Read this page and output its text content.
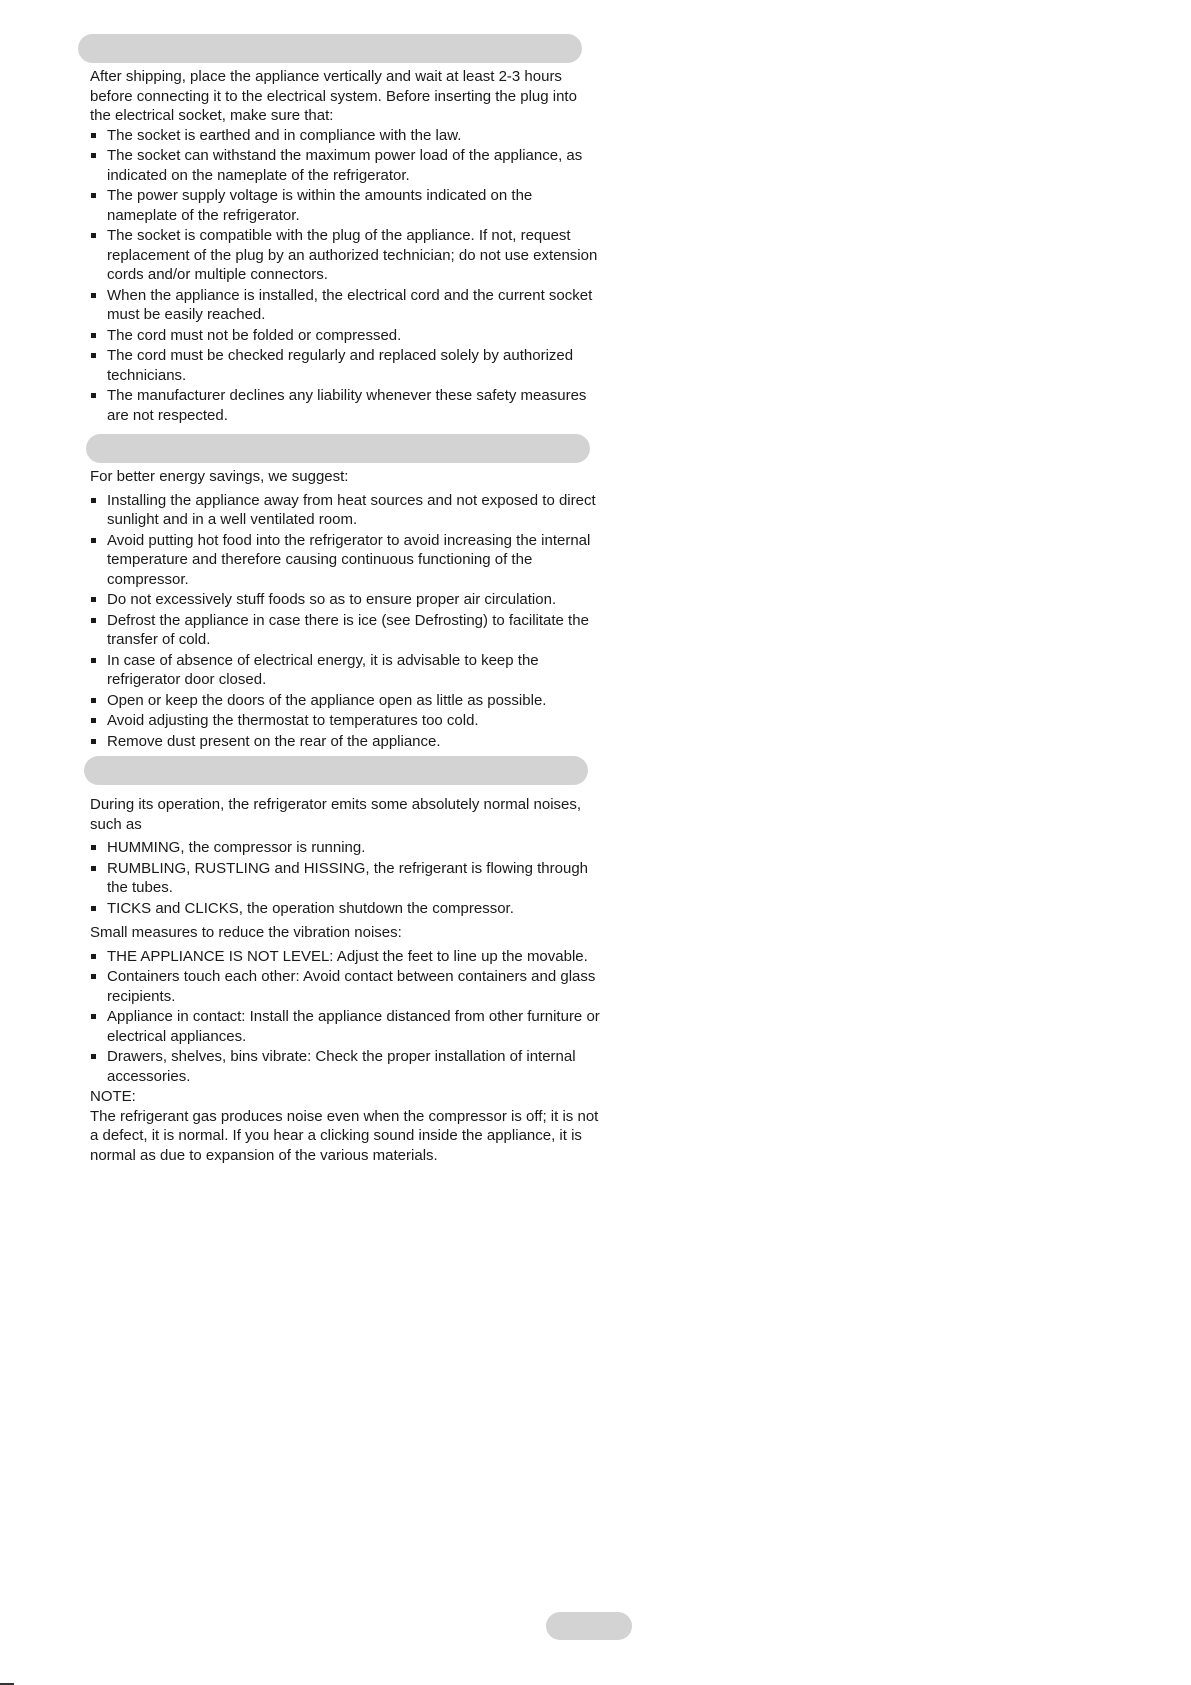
After shipping, place the appliance vertically and wait at least 2-3 hours before connecting it to the electrical system. Before inserting the plug into the electrical socket, make sure that:

The socket is earthed and in compliance with the law.
The socket can withstand the maximum power load of the appliance, as indicated on the nameplate of the refrigerator.
The power supply voltage is within the amounts indicated on the nameplate of the refrigerator.
The socket is compatible with the plug of the appliance. If not, request replacement of the plug by an authorized technician; do not use extension cords and/or multiple connectors.
When the appliance is installed, the electrical cord and the current socket must be easily reached.
The cord must not be folded or compressed.
The cord must be checked regularly and replaced solely by authorized technicians.
The manufacturer declines any liability whenever these safety measures are not respected.

For better energy savings, we suggest:

Installing the appliance away from heat sources and not exposed to direct sunlight and in a well ventilated room.
Avoid putting hot food into the refrigerator to avoid increasing the internal temperature and therefore causing continuous functioning of the compressor.
Do not excessively stuff foods so as to ensure proper air circulation.
Defrost the appliance in case there is ice (see Defrosting) to facilitate the transfer of cold.
In case of absence of electrical energy, it is advisable to keep the refrigerator door closed.
Open or keep the doors of the appliance open as little as possible.
Avoid adjusting the thermostat to temperatures too cold.
Remove dust present on the rear of the appliance.

During its operation, the refrigerator emits some absolutely normal noises, such as

HUMMING, the compressor is running.
RUMBLING, RUSTLING and HISSING, the refrigerant is flowing through the tubes.
TICKS and CLICKS, the operation shutdown the compressor.

Small measures to reduce the vibration noises:

THE APPLIANCE IS NOT LEVEL: Adjust the feet to line up the movable.
Containers touch each other: Avoid contact between containers and glass recipients.
Appliance in contact: Install the appliance distanced from other furniture or electrical appliances.
Drawers, shelves, bins vibrate: Check the proper installation of internal accessories.

NOTE:

The refrigerant gas produces noise even when the compressor is off; it is not a defect, it is normal. If you hear a clicking sound inside the appliance, it is normal as due to expansion of the various materials.
